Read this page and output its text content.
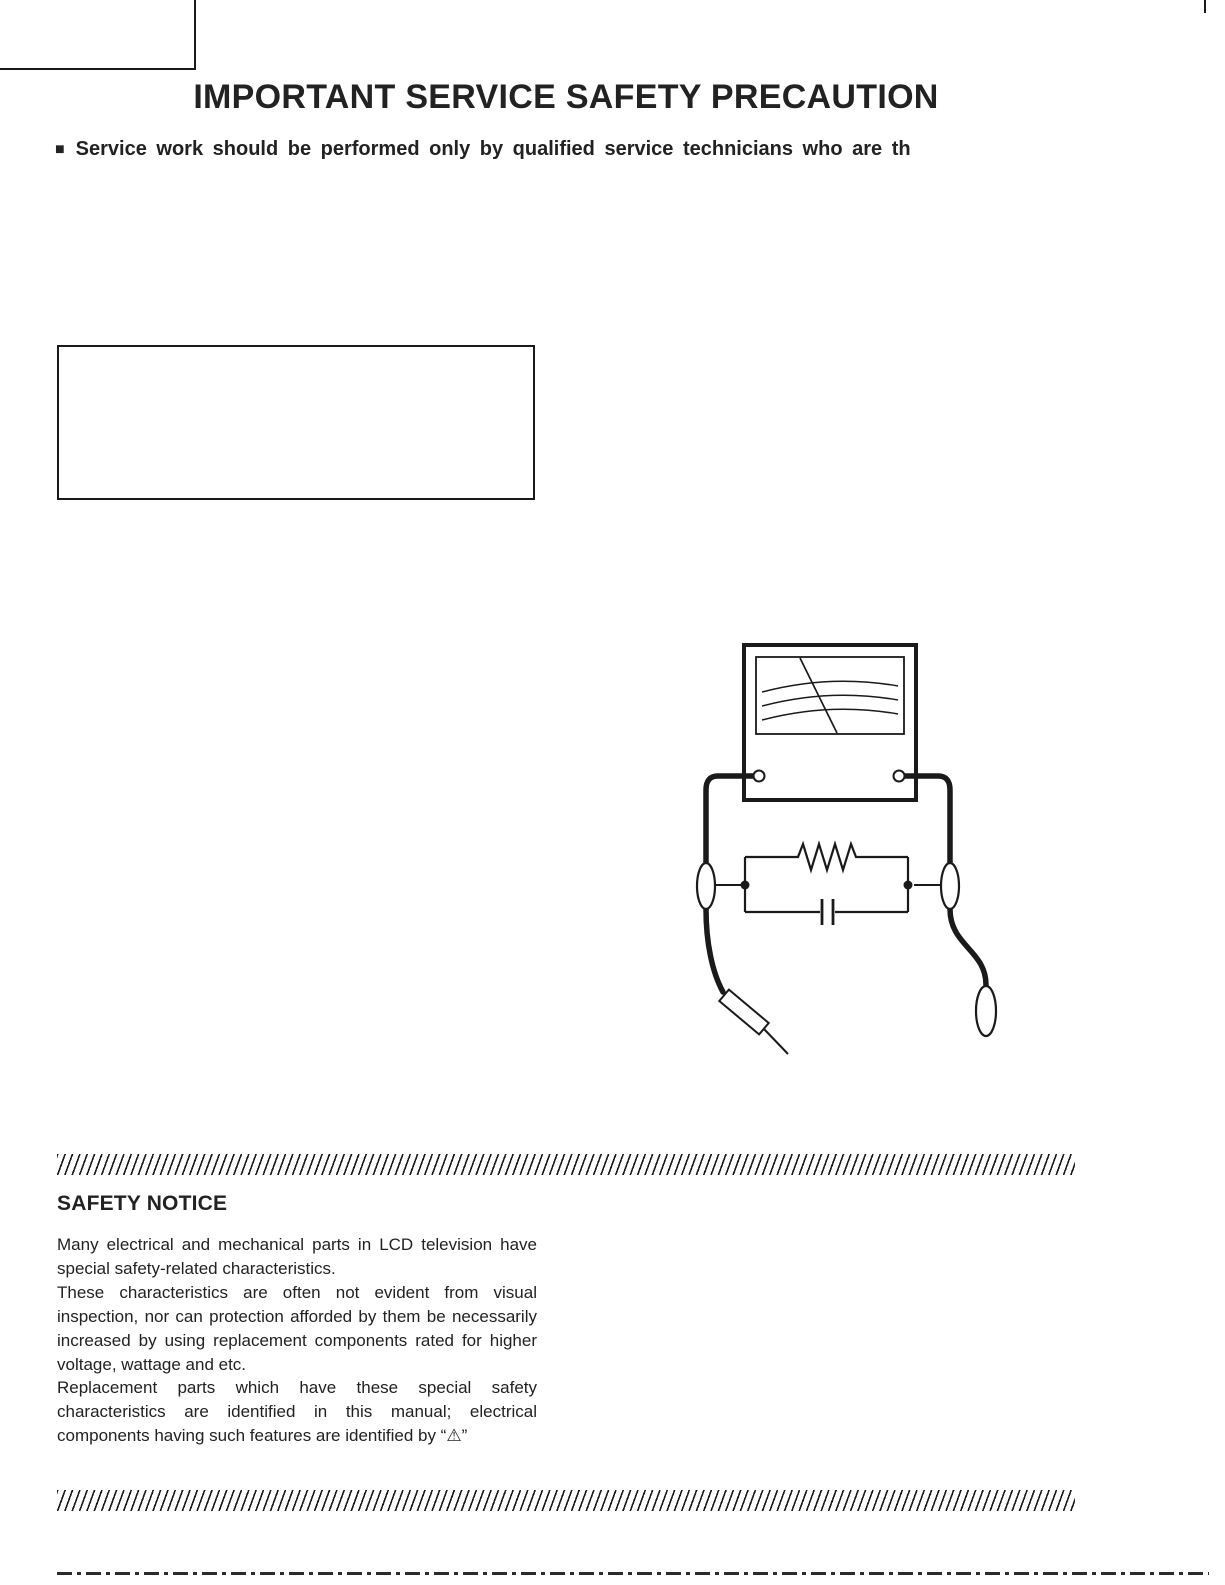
IMPORTANT SERVICE SAFETY PRECAUTION
■ Service work should be performed only by qualified service technicians who are th
SAFETY NOTICE

Many electrical and mechanical parts in LCD television have special safety-related characteristics.

These characteristics are often not evident from visual inspection, nor can protection afforded by them be necessarily increased by using replacement components rated for higher voltage, wattage and etc.

Replacement parts which have these special safety characteristics are identified in this manual; electrical components having such features are identified by “⚠”
